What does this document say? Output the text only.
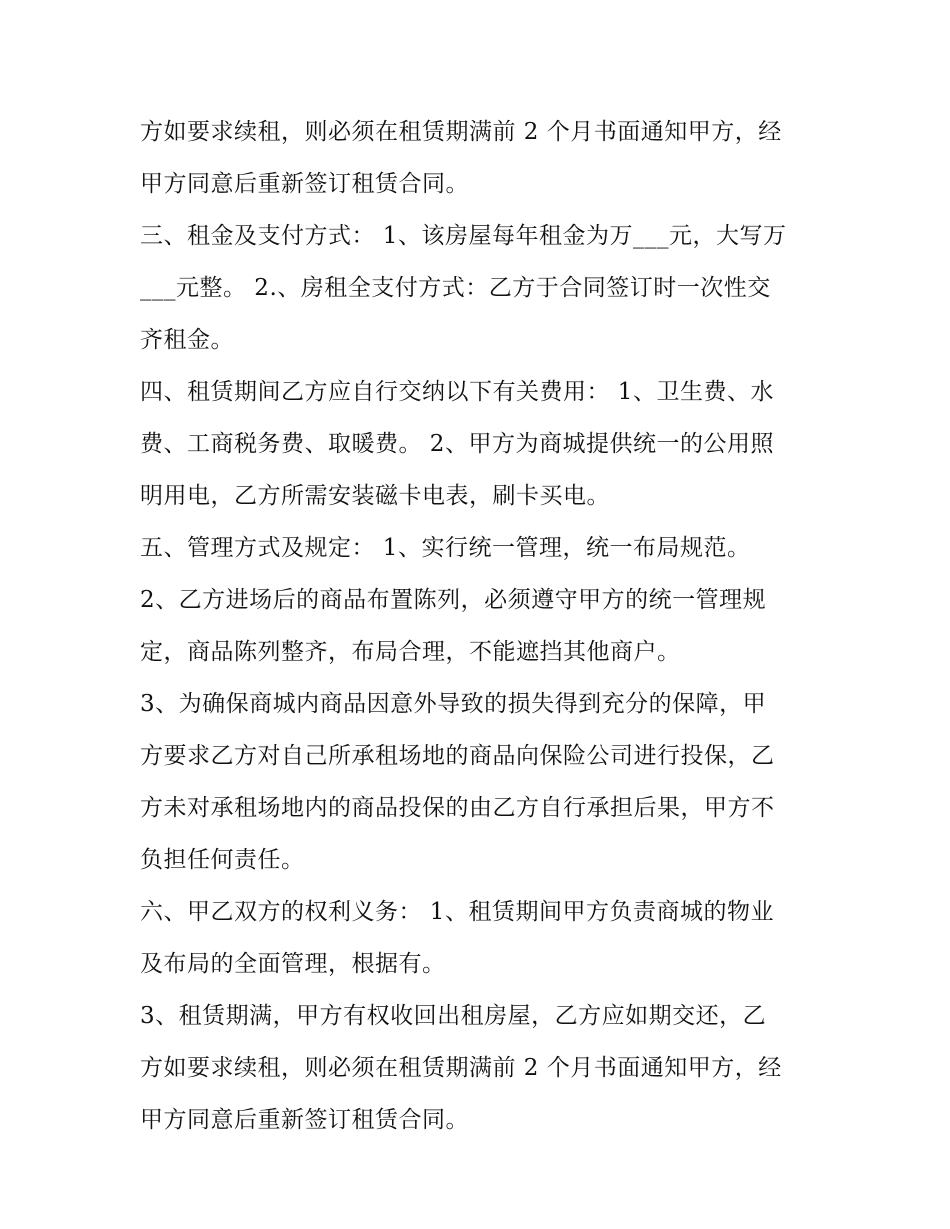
方如要求续租，则必须在租赁期满前 2 个月书面通知甲方，经
甲方同意后重新签订租赁合同。
三、租金及支付方式： 1、该房屋每年租金为万___元，大写万
___元整。 2.、房租全支付方式：乙方于合同签订时一次性交
齐租金。
四、租赁期间乙方应自行交纳以下有关费用： 1、卫生费、水
费、工商税务费、取暖费。 2、甲方为商城提供统一的公用照
明用电，乙方所需安装磁卡电表，刷卡买电。
五、管理方式及规定： 1、实行统一管理，统一布局规范。
2、乙方进场后的商品布置陈列，必须遵守甲方的统一管理规
定，商品陈列整齐，布局合理，不能遮挡其他商户。
3、为确保商城内商品因意外导致的损失得到充分的保障，甲
方要求乙方对自己所承租场地的商品向保险公司进行投保，乙
方未对承租场地内的商品投保的由乙方自行承担后果，甲方不
负担任何责任。
六、甲乙双方的权利义务： 1、租赁期间甲方负责商城的物业
及布局的全面管理，根据有。
3、租赁期满，甲方有权收回出租房屋，乙方应如期交还，乙
方如要求续租，则必须在租赁期满前 2 个月书面通知甲方，经
甲方同意后重新签订租赁合同。
